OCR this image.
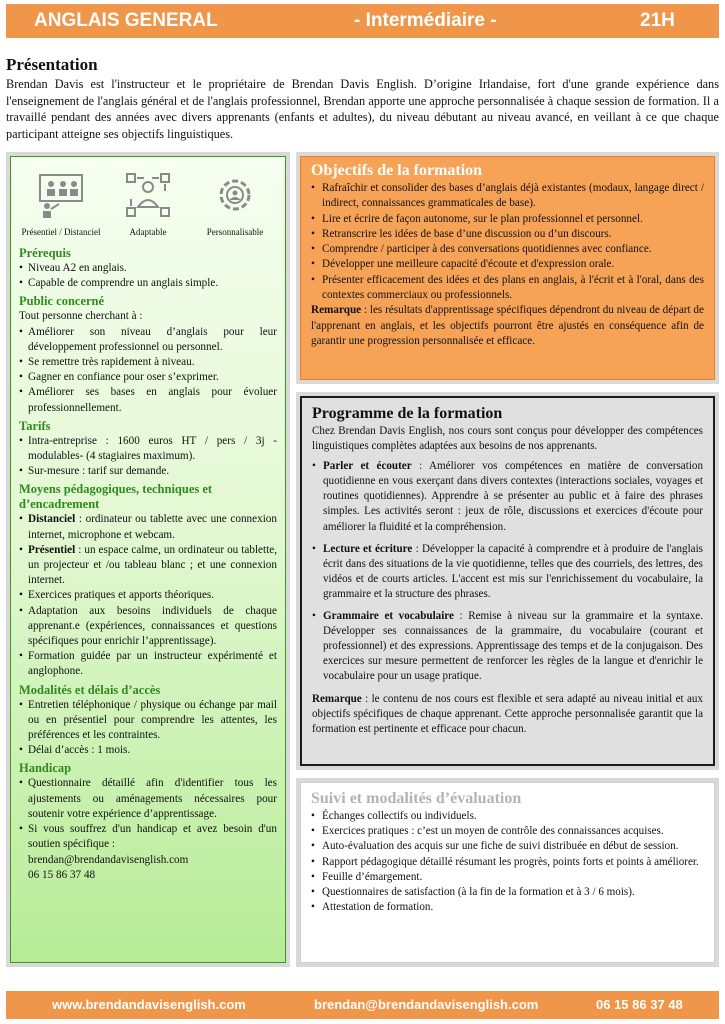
ANGLAIS GENERAL	- Intermédiaire -	21H
Présentation

Brendan Davis est l'instructeur et le propriétaire de Brendan Davis English. D’origine Irlandaise, fort d'une grande expérience dans l'enseignement de l'anglais général et de l'anglais professionnel, Brendan apporte une approche personnalisée à chaque session de formation. Il a travaillé pendant des années avec divers apprenants (enfants et adultes), du niveau débutant au niveau avancé, en veillant à ce que chaque participant atteigne ses objectifs linguistiques.

Présentiel / Distanciel	Adaptable	Personnalisable
Prérequis
• Niveau A2 en anglais.
• Capable de comprendre un anglais simple.
Public concerné

Tout personne cherchant à :

• Améliorer son niveau d’anglais pour leur développement professionnel ou personnel.
• Se remettre très rapidement à niveau.
• Gagner en confiance pour oser s’exprimer.
• Améliorer ses bases en anglais pour évoluer professionnellement.
Tarifs
• Intra-entreprise : 1600 euros HT / pers / 3j -modulables- (4 stagiaires maximum).
• Sur-mesure : tarif sur demande.
Moyens pédagogiques, techniques et d’encadrement
• Distanciel : ordinateur ou tablette avec une connexion internet, microphone et webcam.
• Présentiel : un espace calme, un ordinateur ou tablette, un projecteur et /ou tableau blanc ; et une connexion internet.
• Exercices pratiques et apports théoriques.
• Adaptation aux besoins individuels de chaque apprenant.e (expériences, connaissances et questions spécifiques pour enrichir l’apprentissage).
• Formation guidée par un instructeur expérimenté et anglophone.
Modalités et délais d’accès
• Entretien téléphonique / physique ou échange par mail ou en présentiel pour comprendre les attentes, les préférences et les contraintes.
• Délai d’accès : 1 mois.
Handicap
• Questionnaire détaillé afin d'identifier tous les ajustements ou aménagements nécessaires pour soutenir votre expérience d’apprentissage.
• Si vous souffrez d'un handicap et avez besoin d'un soutien spécifique :
brendan@brendandavisenglish.com
06 15 86 37 48
Objectifs de la formation
• Rafraîchir et consolider des bases d’anglais déjà existantes (modaux, langage direct / indirect, connaissances grammaticales de base).
• Lire et écrire de façon autonome, sur le plan professionnel et personnel.
• Retranscrire les idées de base d’une discussion ou d’un discours.
• Comprendre / participer à des conversations quotidiennes avec confiance.
• Développer une meilleure capacité d'écoute et d'expression orale.
• Présenter efficacement des idées et des plans en anglais, à l'écrit et à l'oral, dans des contextes commerciaux ou professionnels.

Remarque : les résultats d'apprentissage spécifiques dépendront du niveau de départ de l'apprenant en anglais, et les objectifs pourront être ajustés en conséquence afin de garantir une progression personnalisée et efficace.

Programme de la formation

Chez Brendan Davis English, nos cours sont conçus pour développer des compétences linguistiques complètes adaptées aux besoins de nos apprenants.

• Parler et écouter : Améliorer vos compétences en matière de conversation quotidienne en vous exerçant dans divers contextes (interactions sociales, voyages et routines quotidiennes). Apprendre à se présenter au public et à faire des phrases simples. Les activités seront : jeux de rôle, discussions et exercices d'écoute pour améliorer la fluidité et la compréhension.
• Lecture et écriture : Développer la capacité à comprendre et à produire de l'anglais écrit dans des situations de la vie quotidienne, telles que des courriels, des lettres, des vidéos et de courts articles. L'accent est mis sur l'enrichissement du vocabulaire, la grammaire et la structure des phrases.
• Grammaire et vocabulaire : Remise à niveau sur la grammaire et la syntaxe. Développer ses connaissances de la grammaire, du vocabulaire (courant et professionnel) et des expressions. Apprentissage des temps et de la conjugaison. Des exercices sur mesure permettent de renforcer les règles de la langue et d'enrichir le vocabulaire pour un usage pratique.

Remarque : le contenu de nos cours est flexible et sera adapté au niveau initial et aux objectifs spécifiques de chaque apprenant. Cette approche personnalisée garantit que la formation est pertinente et efficace pour chacun.

Suivi et modalités d’évaluation
• Échanges collectifs ou individuels.
• Exercices pratiques : c’est un moyen de contrôle des connaissances acquises.
• Auto-évaluation des acquis sur une fiche de suivi distribuée en début de session.
• Rapport pédagogique détaillé résumant les progrès, points forts et points à améliorer.
• Feuille d’émargement.
• Questionnaires de satisfaction (à la fin de la formation et à 3 / 6 mois).
• Attestation de formation.
www.brendandavisenglish.com	brendan@brendandavisenglish.com	06 15 86 37 48
